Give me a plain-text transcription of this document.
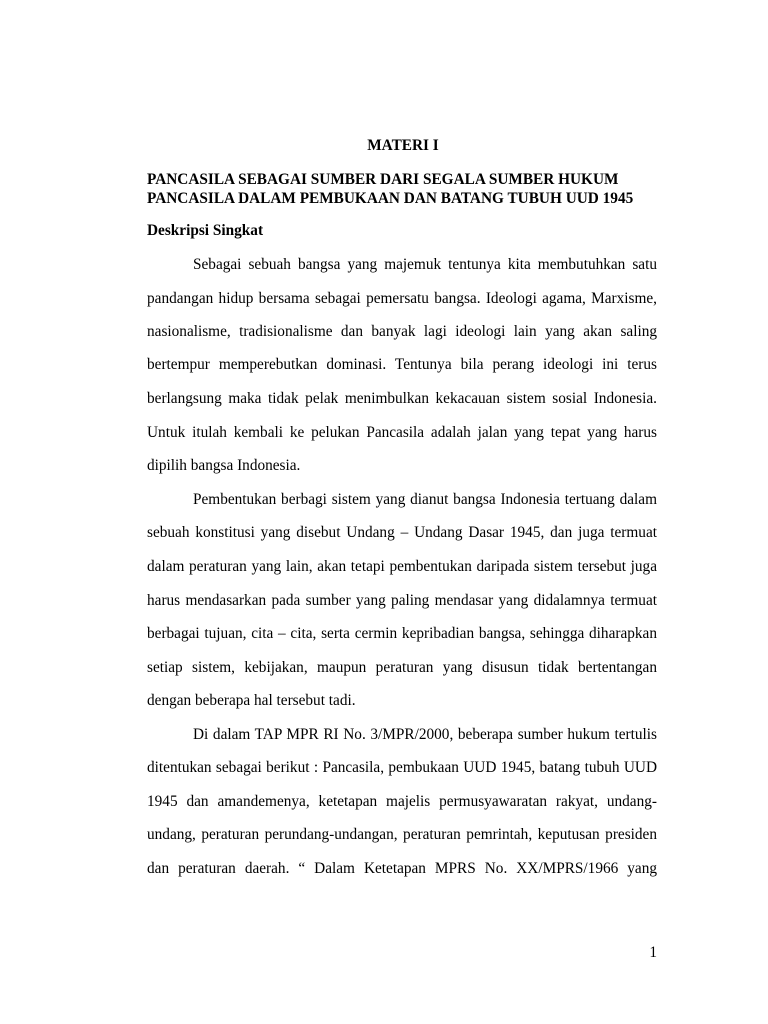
MATERI I
PANCASILA SEBAGAI SUMBER DARI SEGALA SUMBER HUKUM
PANCASILA DALAM PEMBUKAAN DAN BATANG TUBUH UUD 1945
Deskripsi Singkat
Sebagai sebuah bangsa yang majemuk tentunya kita membutuhkan satu
pandangan hidup bersama sebagai pemersatu bangsa. Ideologi agama, Marxisme,
nasionalisme, tradisionalisme dan banyak lagi ideologi lain yang akan saling
bertempur memperebutkan dominasi. Tentunya bila perang ideologi ini terus
berlangsung maka tidak pelak menimbulkan kekacauan sistem sosial Indonesia.
Untuk itulah kembali ke pelukan Pancasila adalah jalan yang tepat yang harus
dipilih bangsa Indonesia.
Pembentukan berbagi sistem yang dianut bangsa Indonesia tertuang dalam
sebuah konstitusi yang disebut Undang – Undang Dasar 1945, dan juga termuat
dalam peraturan yang lain, akan tetapi pembentukan daripada sistem tersebut juga
harus mendasarkan pada sumber yang paling mendasar yang didalamnya termuat
berbagai tujuan, cita – cita, serta cermin kepribadian bangsa, sehingga diharapkan
setiap sistem, kebijakan, maupun peraturan yang disusun tidak bertentangan
dengan beberapa hal tersebut tadi.
Di dalam TAP MPR RI No. 3/MPR/2000, beberapa sumber hukum tertulis
ditentukan sebagai berikut : Pancasila, pembukaan UUD 1945, batang tubuh UUD
1945 dan amandemenya, ketetapan majelis permusyawaratan rakyat, undang-
undang, peraturan perundang-undangan, peraturan pemrintah, keputusan presiden
dan peraturan daerah. “ Dalam Ketetapan MPRS No. XX/MPRS/1966 yang
1
